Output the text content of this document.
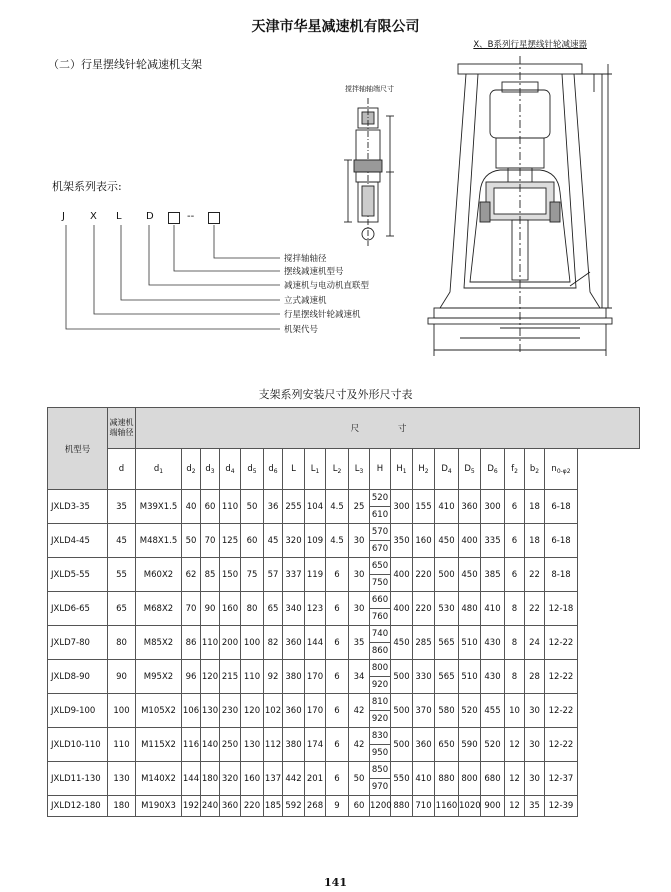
天津市华星减速机有限公司
X、B系列行星摆线针轮减速器
（二）行星摆线针轮减速机支架
机架系列表示:
J	X L D	--
搅拌轴轴径
摆线减速机型号
减速机与电动机直联型
立式减速机
行星摆线针轮减速机
机架代号
搅拌轴轴端尺寸
支架系列安装尺寸及外形尺寸表
机型号	减速机端轴径	尺 寸																		
	d	$d_1$	$d_2$	$d_3$	$d_4$	$d_5$	$d_6$	L	$L_1$	$L_2$	$L_3$	H	$H_1$	$H_2$	$D_4$	$D_5$	$D_6$	$f_2$	$b_2$	$n_{0-\varphi 2}$
JXLD3-35	35	M39X1.5	40	60	110	50	36	255	104	4.5	25	520	300	155	410	360	300	6	18	6-18
												610								
JXLD4-45	45	M48X1.5	50	70	125	60	45	320	109	4.5	30	570	350	160	450	400	335	6	18	6-18
												670								
JXLD5-55	55	M60X2	62	85	150	75	57	337	119	6	30	650	400	220	500	450	385	6	22	8-18
												750								
JXLD6-65	65	M68X2	70	90	160	80	65	340	123	6	30	660	400	220	530	480	410	8	22	12-18
												760								
JXLD7-80	80	M85X2	86	110	200	100	82	360	144	6	35	740	450	285	565	510	430	8	24	12-22
												860								
JXLD8-90	90	M95X2	96	120	215	110	92	380	170	6	34	800	500	330	565	510	430	8	28	12-22
												920								
JXLD9-100	100	M105X2	106	130	230	120	102	360	170	6	42	810	500	370	580	520	455	10	30	12-22
												920								
JXLD10-110	110	M115X2	116	140	250	130	112	380	174	6	42	830	500	360	650	590	520	12	30	12-22
												950								
JXLD11-130	130	M140X2	144	180	320	160	137	442	201	6	50	850	550	410	880	800	680	12	30	12-37
												970								
JXLD12-180	180	M190X3	192	240	360	220	185	592	268	9	60	1200	880	710	1160	1020	900	12	35	12-39
141
